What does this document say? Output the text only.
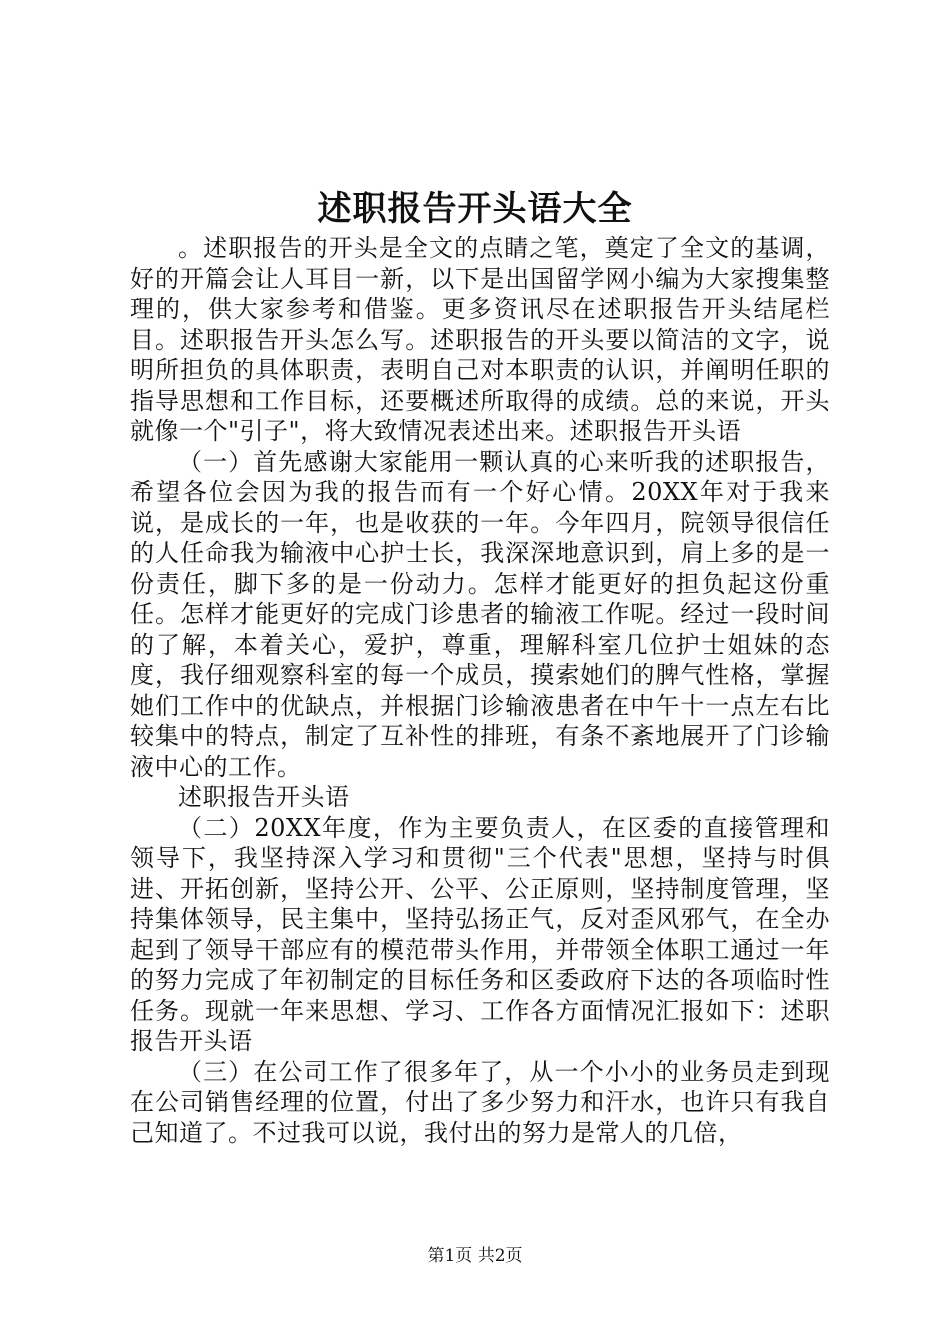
述职报告开头语大全

。述职报告的开头是全文的点睛之笔，奠定了全文的基调，好的开篇会让人耳目一新，以下是出国留学网小编为大家搜集整理的，供大家参考和借鉴。更多资讯尽在述职报告开头结尾栏目。述职报告开头怎么写。述职报告的开头要以简洁的文字，说明所担负的具体职责，表明自己对本职责的认识，并阐明任职的指导思想和工作目标，还要概述所取得的成绩。总的来说，开头就像一个"引子"，将大致情况表述出来。述职报告开头语

（一）首先感谢大家能用一颗认真的心来听我的述职报告，希望各位会因为我的报告而有一个好心情。20XX年对于我来说，是成长的一年，也是收获的一年。今年四月，院领导很信任的人任命我为输液中心护士长，我深深地意识到，肩上多的是一份责任，脚下多的是一份动力。怎样才能更好的担负起这份重任。怎样才能更好的完成门诊患者的输液工作呢。经过一段时间的了解，本着关心，爱护，尊重，理解科室几位护士姐妹的态度，我仔细观察科室的每一个成员，摸索她们的脾气性格，掌握她们工作中的优缺点，并根据门诊输液患者在中午十一点左右比较集中的特点，制定了互补性的排班，有条不紊地展开了门诊输液中心的工作。

述职报告开头语

（二）20XX年度，作为主要负责人，在区委的直接管理和领导下，我坚持深入学习和贯彻"三个代表"思想，坚持与时俱进、开拓创新，坚持公开、公平、公正原则，坚持制度管理，坚持集体领导，民主集中，坚持弘扬正气，反对歪风邪气，在全办起到了领导干部应有的模范带头作用，并带领全体职工通过一年的努力完成了年初制定的目标任务和区委政府下达的各项临时性任务。现就一年来思想、学习、工作各方面情况汇报如下：述职报告开头语

（三）在公司工作了很多年了，从一个小小的业务员走到现在公司销售经理的位置，付出了多少努力和汗水，也许只有我自己知道了。不过我可以说，我付出的努力是常人的几倍，

第1页 共2页
